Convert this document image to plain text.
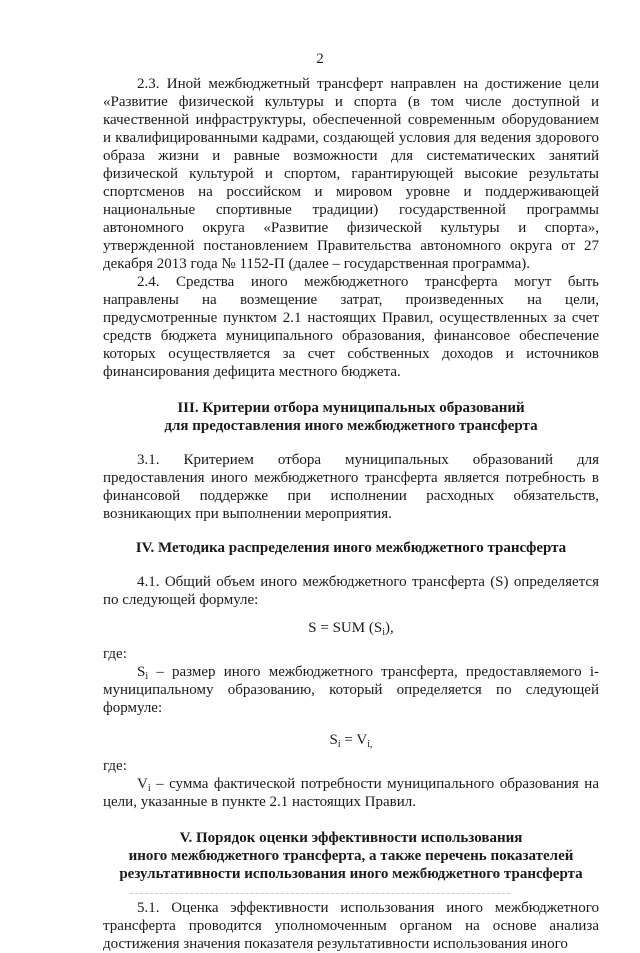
2

2.3. Иной межбюджетный трансферт направлен на достижение цели «Развитие физической культуры и спорта (в том числе доступной и качественной инфраструктуры, обеспеченной современным оборудованием и квалифицированными кадрами, создающей условия для ведения здорового образа жизни и равные возможности для систематических занятий физической культурой и спортом, гарантирующей высокие результаты спортсменов на российском и мировом уровне и поддерживающей национальные спортивные традиции) государственной программы автономного округа «Развитие физической культуры и спорта», утвержденной постановлением Правительства автономного округа от 27 декабря 2013 года № 1152-П (далее – государственная программа).

2.4. Средства иного межбюджетного трансферта могут быть направлены на возмещение затрат, произведенных на цели, предусмотренные пунктом 2.1 настоящих Правил, осуществленных за счет средств бюджета муниципального образования, финансовое обеспечение которых осуществляется за счет собственных доходов и источников финансирования дефицита местного бюджета.

III. Критерии отбора муниципальных образований
для предоставления иного межбюджетного трансферта

3.1. Критерием отбора муниципальных образований для предоставления иного межбюджетного трансферта является потребность в финансовой поддержке при исполнении расходных обязательств, возникающих при выполнении мероприятия.

IV. Методика распределения иного межбюджетного трансферта

4.1. Общий объем иного межбюджетного трансферта (S) определяется по следующей формуле:

S = SUM $(S_i)$,

где:

$S_i$ – размер иного межбюджетного трансферта, предоставляемого i-муниципальному образованию, который определяется по следующей формуле:

$S_i = V_{i,}$

где:

$V_i$ – сумма фактической потребности муниципального образования на цели, указанные в пункте 2.1 настоящих Правил.

V. Порядок оценки эффективности использования
иного межбюджетного трансферта, а также перечень показателей
результативности использования иного межбюджетного трансферта

5.1. Оценка эффективности использования иного межбюджетного трансферта проводится уполномоченным органом на основе анализа достижения значения показателя результативности использования иного
